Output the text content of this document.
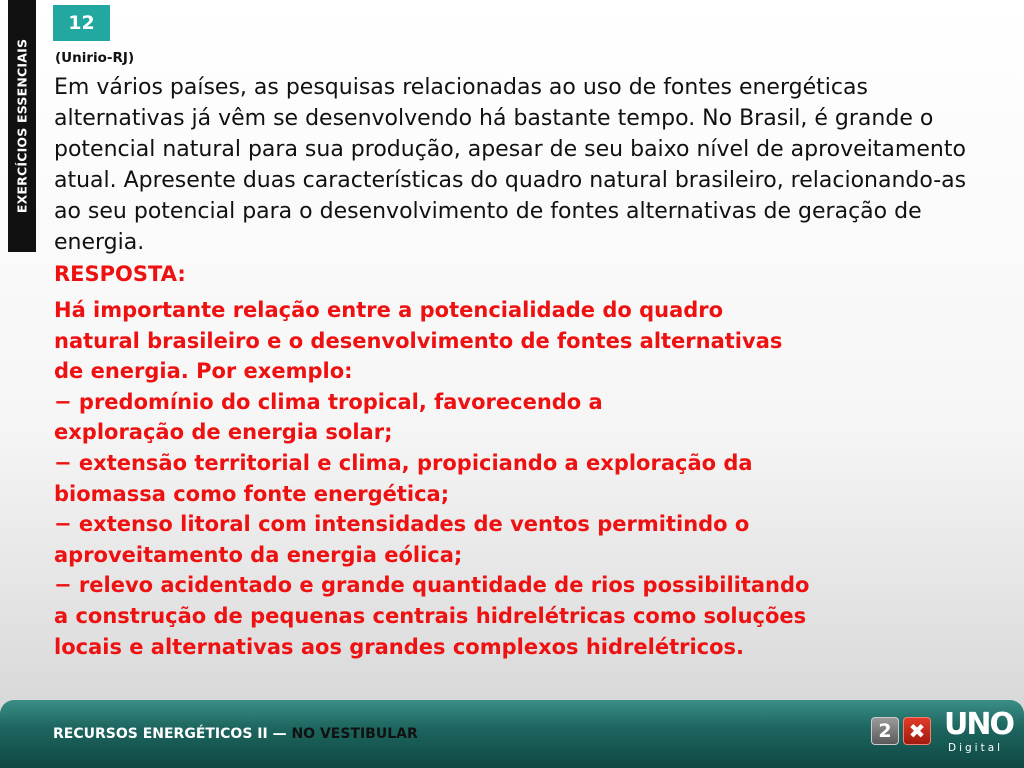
EXERCÍCIOS ESSENCIAIS
12
(Unirio-RJ)

Em vários países, as pesquisas relacionadas ao uso de fontes energéticas alternativas já vêm se desenvolvendo há bastante tempo. No Brasil, é grande o potencial natural para sua produção, apesar de seu baixo nível de aproveitamento atual. Apresente duas características do quadro natural brasileiro, relacionando-as ao seu potencial para o desenvolvimento de fontes alternativas de geração de energia.

RESPOSTA:
Há importante relação entre a potencialidade do quadro
natural brasileiro e o desenvolvimento de fontes alternativas
de energia. Por exemplo:
− predomínio do clima tropical, favorecendo a
exploração de energia solar;
− extensão territorial e clima, propiciando a exploração da
biomassa como fonte energética;
− extenso litoral com intensidades de ventos permitindo o
aproveitamento da energia eólica;
− relevo acidentado e grande quantidade de rios possibilitando
a construção de pequenas centrais hidrelétricas como soluções
locais e alternativas aos grandes complexos hidrelétricos.
RECURSOS ENERGÉTICOS II — NO VESTIBULAR	2 ✖ UNO
Digital
